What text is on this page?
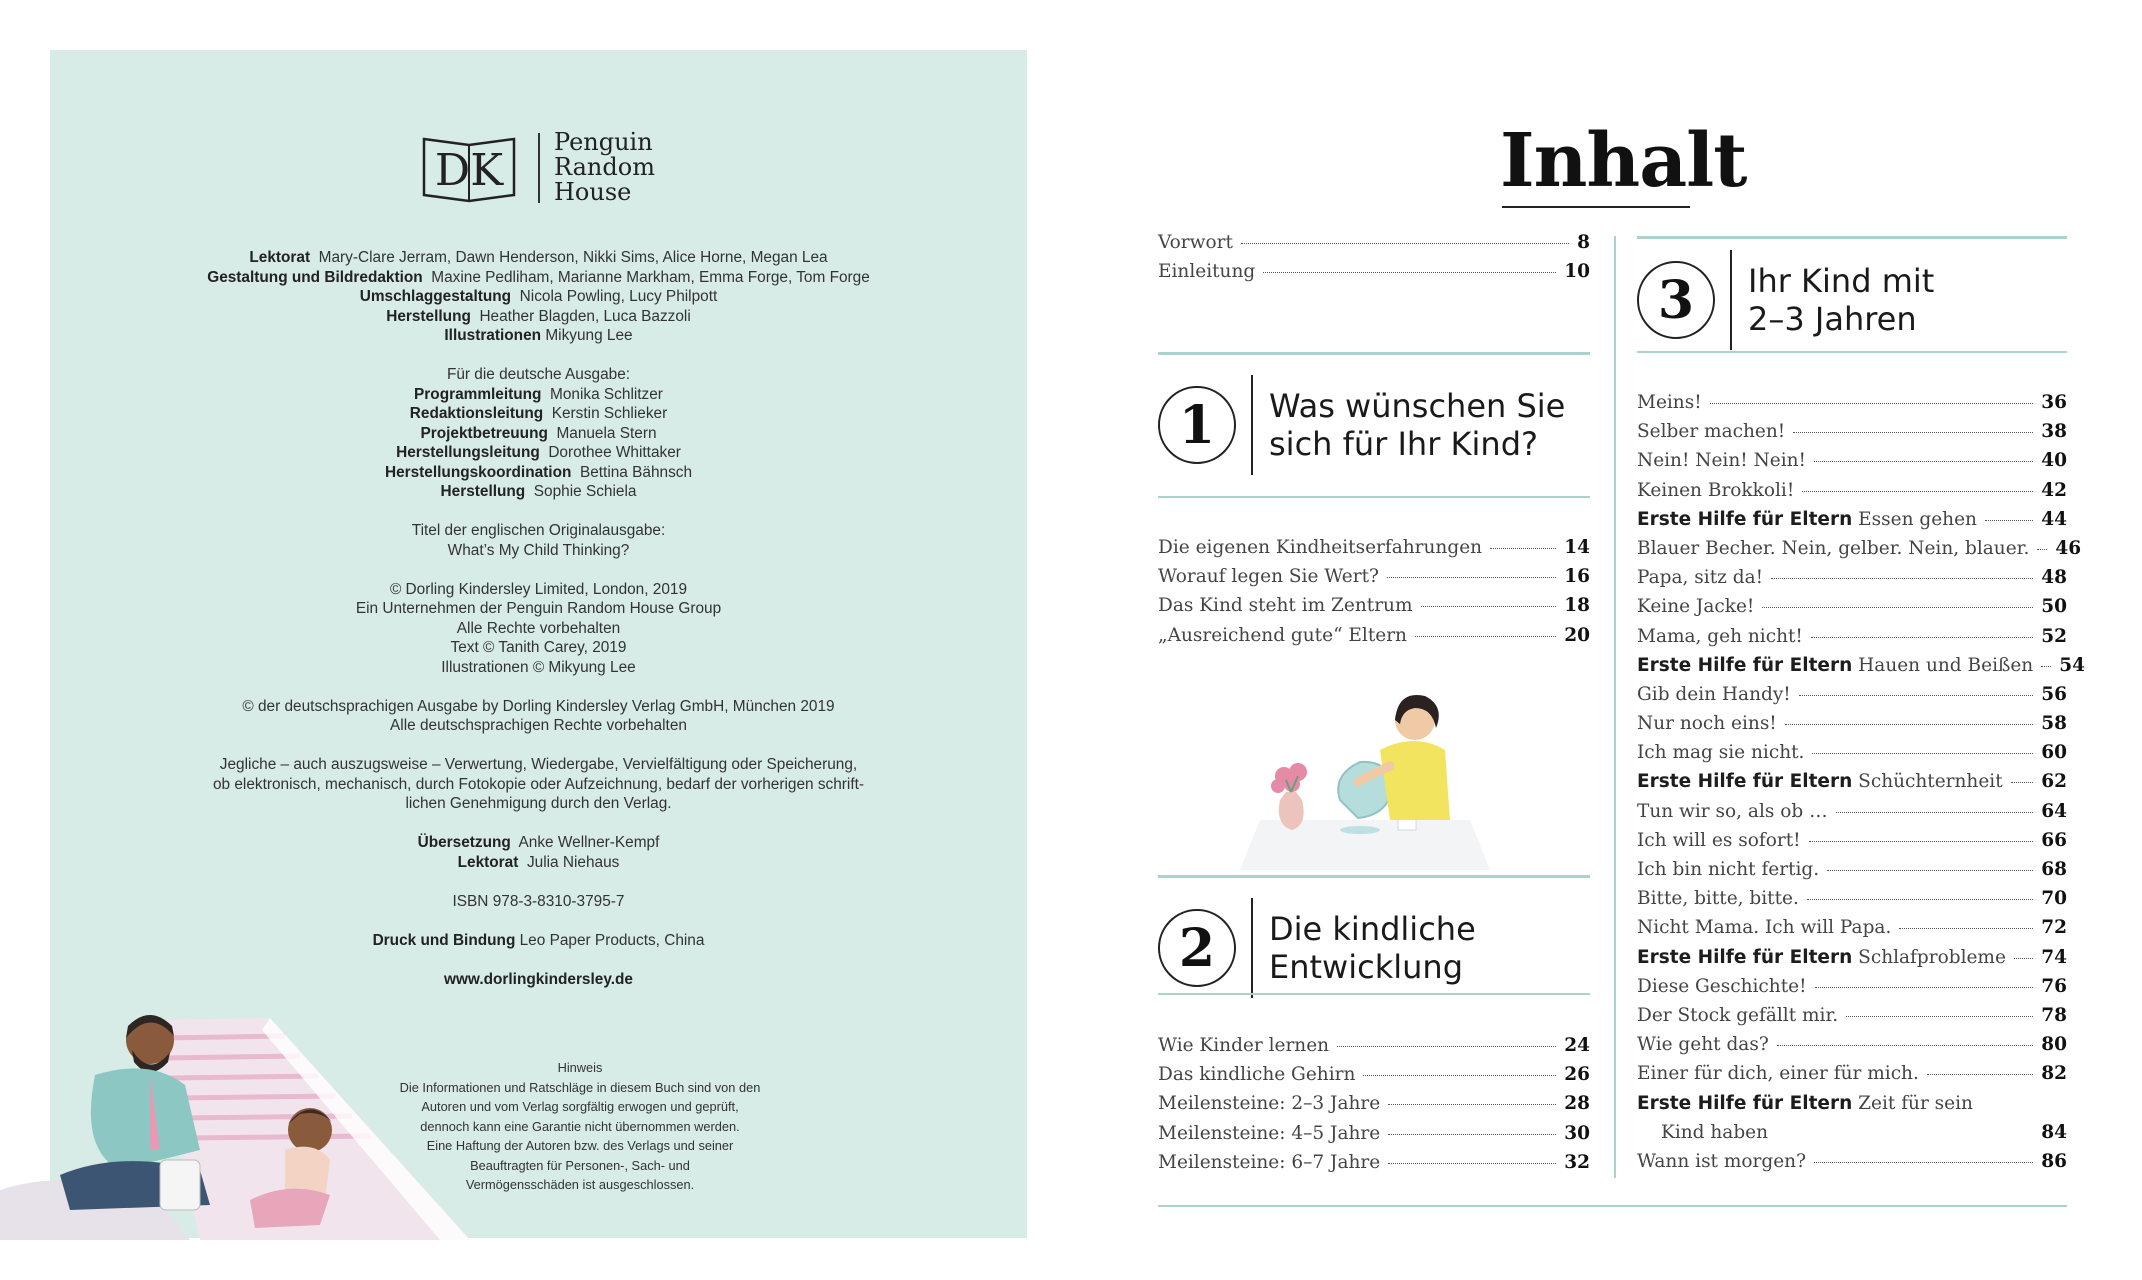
DK
Penguin
Random
House
Lektorat Mary-Clare Jerram, Dawn Henderson, Nikki Sims, Alice Horne, Megan Lea
Gestaltung und Bildredaktion Maxine Pedliham, Marianne Markham, Emma Forge, Tom Forge
Umschlaggestaltung Nicola Powling, Lucy Philpott
Herstellung Heather Blagden, Luca Bazzoli
Illustrationen Mikyung Lee
Für die deutsche Ausgabe:
Programmleitung Monika Schlitzer
Redaktionsleitung Kerstin Schlieker
Projektbetreuung Manuela Stern
Herstellungsleitung Dorothee Whittaker
Herstellungskoordination Bettina Bähnsch
Herstellung Sophie Schiela
Titel der englischen Originalausgabe:
What’s My Child Thinking?
© Dorling Kindersley Limited, London, 2019
Ein Unternehmen der Penguin Random House Group
Alle Rechte vorbehalten
Text © Tanith Carey, 2019
Illustrationen © Mikyung Lee
© der deutschsprachigen Ausgabe by Dorling Kindersley Verlag GmbH, München 2019
Alle deutschsprachigen Rechte vorbehalten
Jegliche – auch auszugsweise – Verwertung, Wiedergabe, Vervielfältigung oder Speicherung,
ob elektronisch, mechanisch, durch Fotokopie oder Aufzeichnung, bedarf der vorherigen schrift-
lichen Genehmigung durch den Verlag.
Übersetzung Anke Wellner-Kempf
Lektorat Julia Niehaus
ISBN 978-3-8310-3795-7
Druck und Bindung Leo Paper Products, China
www.dorlingkindersley.de
Hinweis
Die Informationen und Ratschläge in diesem Buch sind von den
Autoren und vom Verlag sorgfältig erwogen und geprüft,
dennoch kann eine Garantie nicht übernommen werden.
Eine Haftung der Autoren bzw. des Verlags und seiner
Beauftragten für Personen-, Sach- und
Vermögensschäden ist ausgeschlossen.
Inhalt
Vorwort	8
Einleitung	10
1	Was wünschen Sie
sich für Ihr Kind?
Die eigenen Kindheitserfahrungen	14
Worauf legen Sie Wert?	16
Das Kind steht im Zentrum	18
„Ausreichend gute“ Eltern	20
2	Die kindliche
Entwicklung
Wie Kinder lernen	24
Das kindliche Gehirn	26
Meilensteine: 2–3 Jahre	28
Meilensteine: 4–5 Jahre	30
Meilensteine: 6–7 Jahre	32
3	Ihr Kind mit
2–3 Jahren
Meins!	36
Selber machen!	38
Nein! Nein! Nein!	40
Keinen Brokkoli!	42
Erste Hilfe für Eltern Essen gehen	44
Blauer Becher. Nein, gelber. Nein, blauer. 46
Papa, sitz da!	48
Keine Jacke!	50
Mama, geh nicht!	52
Erste Hilfe für Eltern Hauen und Beißen 54
Gib dein Handy!	56
Nur noch eins!	58
Ich mag sie nicht.	60
Erste Hilfe für Eltern Schüchternheit 62
Tun wir so, als ob …	64
Ich will es sofort!	66
Ich bin nicht fertig.	68
Bitte, bitte, bitte.	70
Nicht Mama. Ich will Papa.	72
Erste Hilfe für Eltern Schlafprobleme 74
Diese Geschichte!	76
Der Stock gefällt mir.	78
Wie geht das?	80
Einer für dich, einer für mich.	82
Erste Hilfe für Eltern Zeit für sein
Kind haben	84
Wann ist morgen?	86
